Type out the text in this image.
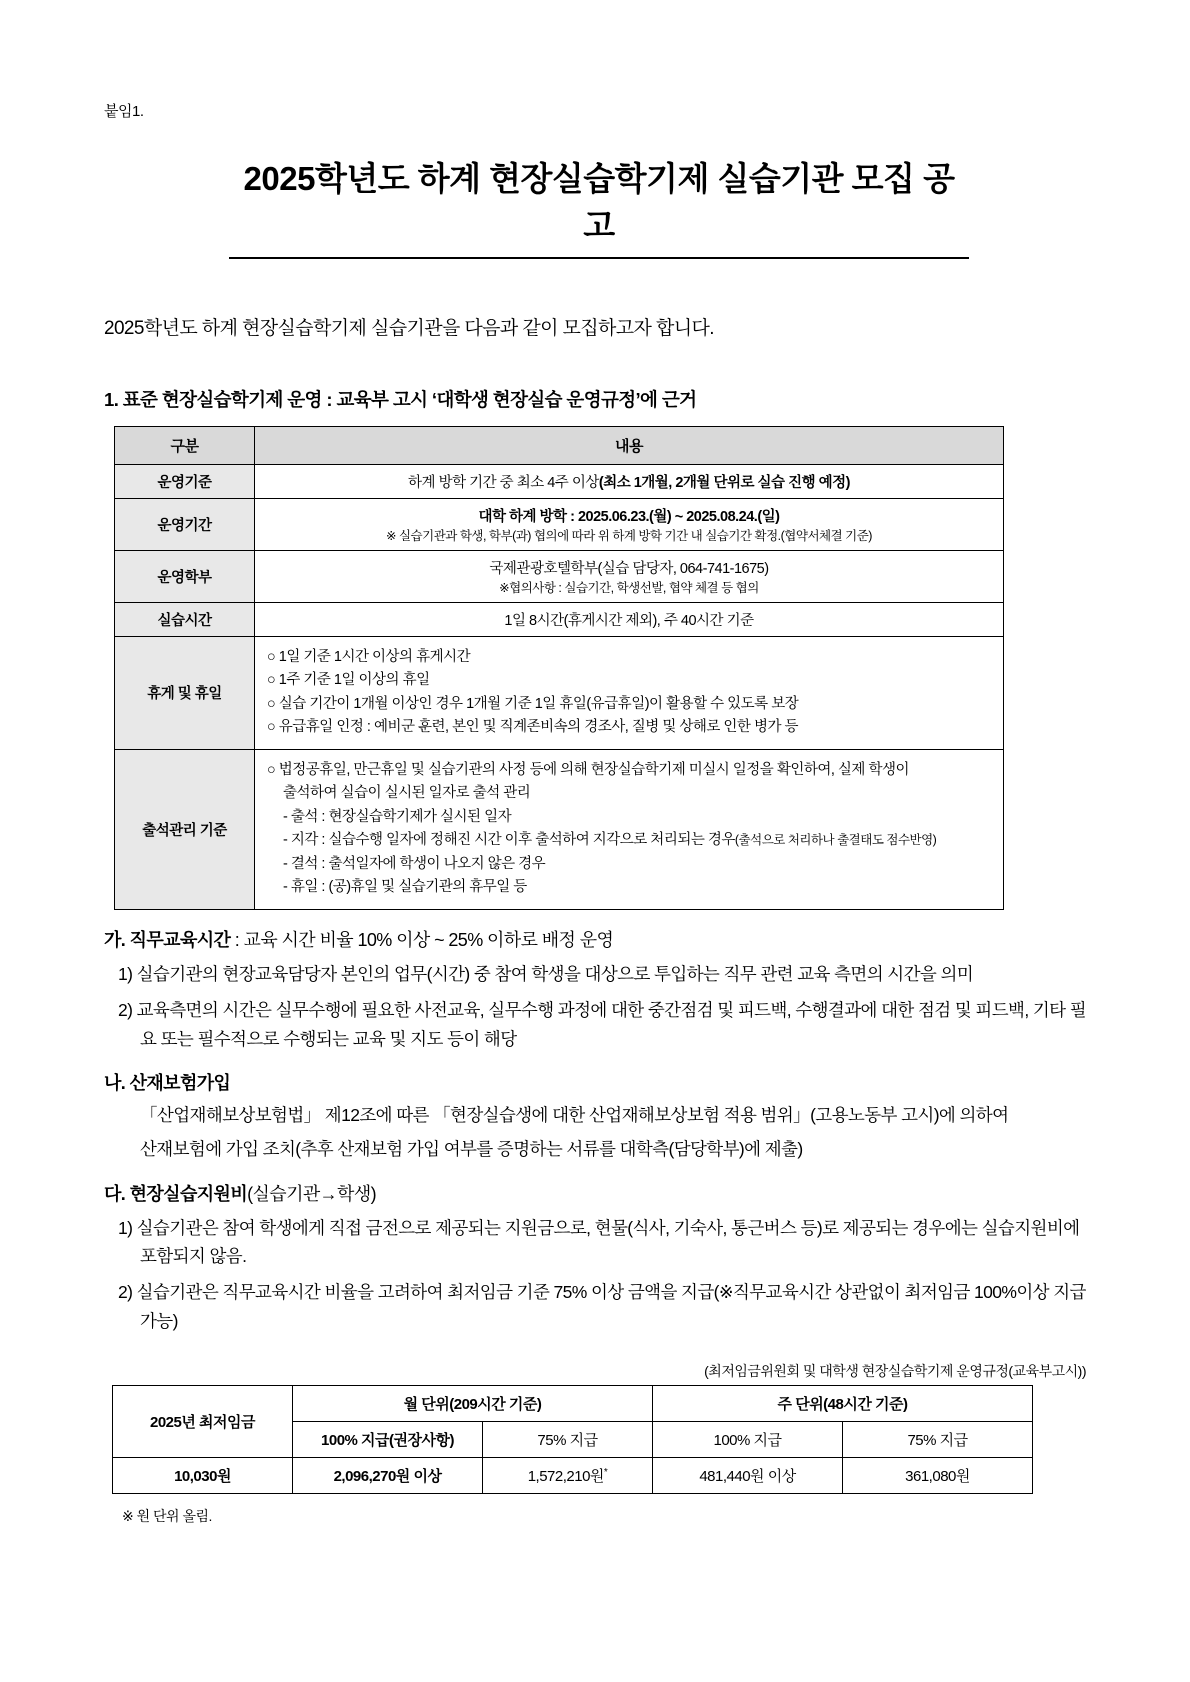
붙임1.
2025학년도 하계 현장실습학기제 실습기관 모집 공고
2025학년도 하계 현장실습학기제 실습기관을 다음과 같이 모집하고자 합니다.
1. 표준 현장실습학기제 운영 : 교육부 고시 ‘대학생 현장실습 운영규정’에 근거
구분	내용
운영기준	하계 방학 기간 중 최소 4주 이상(최소 1개월, 2개월 단위로 실습 진행 예정)
운영기간	대학 하계 방학 : 2025.06.23.(월) ~ 2025.08.24.(일)
※ 실습기관과 학생, 학부(과) 협의에 따라 위 하계 방학 기간 내 실습기간 확정.(협약서체결 기준)

운영학부	국제관광호텔학부(실습 담당자, 064-741-1675)
※협의사항 : 실습기간, 학생선발, 협약 체결 등 협의

실습시간	1일 8시간(휴게시간 제외), 주 40시간 기준
휴게 및 휴일	○ 1일 기준 1시간 이상의 휴게시간
○ 1주 기준 1일 이상의 휴일
○ 실습 기간이 1개월 이상인 경우 1개월 기준 1일 휴일(유급휴일)이 활용할 수 있도록 보장
○ 유급휴일 인정 : 예비군 훈련, 본인 및 직계존비속의 경조사, 질병 및 상해로 인한 병가 등

출석관리 기준	
○ 법정공휴일, 만근휴일 및 실습기관의 사정 등에 의해 현장실습학기제 미실시 일정을 확인하여, 실제 학생이
출석하여 실습이 실시된 일자로 출석 관리
- 출석 : 현장실습학기제가 실시된 일자
- 지각 : 실습수행 일자에 정해진 시간 이후 출석하여 지각으로 처리되는 경우(출석으로 처리하나 출결태도 점수반영)
- 결석 : 출석일자에 학생이 나오지 않은 경우
- 휴일 : (공)휴일 및 실습기관의 휴무일 등
가. 직무교육시간 : 교육 시간 비율 10% 이상 ~ 25% 이하로 배정 운영
1) 실습기관의 현장교육담당자 본인의 업무(시간) 중 참여 학생을 대상으로 투입하는 직무 관련 교육 측면의 시간을 의미
2) 교육측면의 시간은 실무수행에 필요한 사전교육, 실무수행 과정에 대한 중간점검 및 피드백, 수행결과에 대한 점검 및 피드백, 기타 필요 또는 필수적으로 수행되는 교육 및 지도 등이 해당
나. 산재보험가입
「산업재해보상보험법」 제12조에 따른 「현장실습생에 대한 산업재해보상보험 적용 범위」(고용노동부 고시)에 의하여
산재보험에 가입 조치(추후 산재보험 가입 여부를 증명하는 서류를 대학측(담당학부)에 제출)
다. 현장실습지원비(실습기관→학생)
1) 실습기관은 참여 학생에게 직접 금전으로 제공되는 지원금으로, 현물(식사, 기숙사, 통근버스 등)로 제공되는 경우에는 실습지원비에 포함되지 않음.
2) 실습기관은 직무교육시간 비율을 고려하여 최저임금 기준 75% 이상 금액을 지급(※직무교육시간 상관없이 최저임금 100%이상 지급 가능)
(최저임금위원회 및 대학생 현장실습학기제 운영규정(교육부고시))
2025년 최저임금	월 단위(209시간 기준)		주 단위(48시간 기준)	
	100% 지급(권장사항)	75% 지급	100% 지급	75% 지급
10,030원	2,096,270원 이상	1,572,210원*	481,440원 이상	361,080원
※ 원 단위 올림.
